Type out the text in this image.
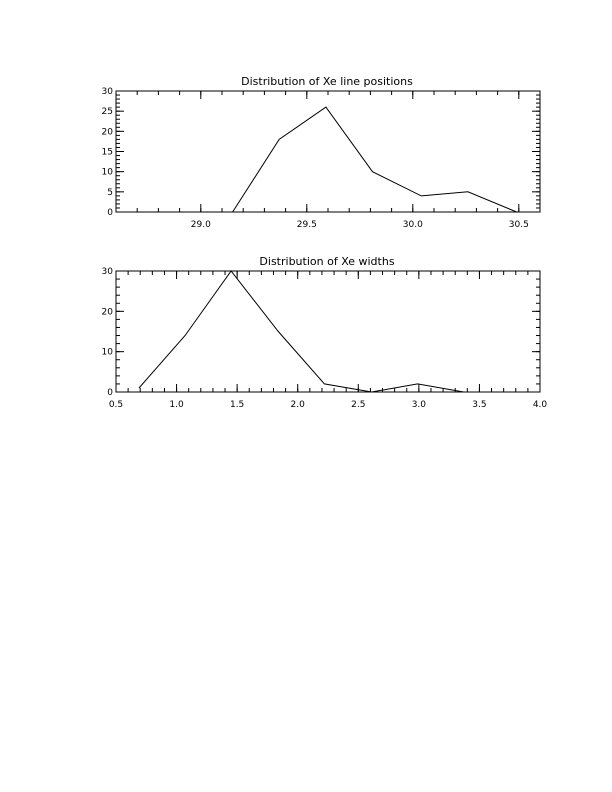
Distribution of Xe line positions
29.0	29.5	30.0	30.5
0
5
10
15
20
25
30
Distribution of Xe widths
0.5	1.0	1.5	2.0	2.5	3.0	3.5	4.0
0
10
20
30
